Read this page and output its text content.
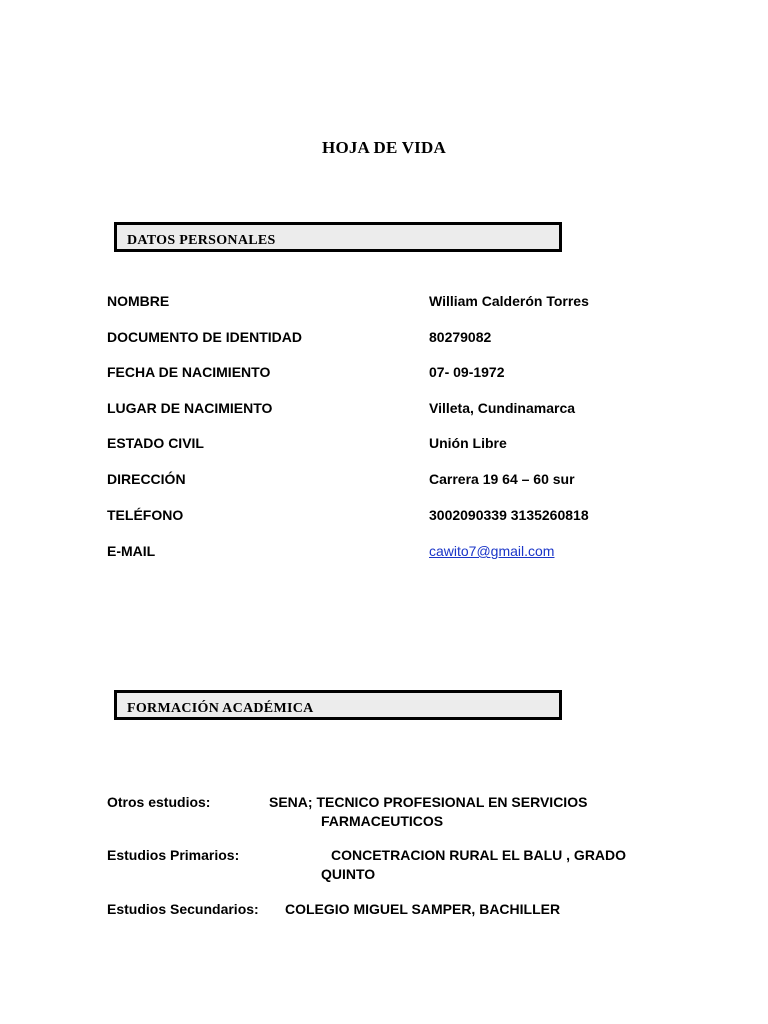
HOJA DE VIDA
DATOS PERSONALES
NOMBRE	William Calderón Torres
DOCUMENTO DE IDENTIDAD	80279082
FECHA DE NACIMIENTO	07- 09-1972
LUGAR DE NACIMIENTO	Villeta, Cundinamarca
ESTADO CIVIL	Unión Libre
DIRECCIÓN	Carrera 19 64 – 60 sur
TELÉFONO	3002090339 3135260818
E-MAIL	cawito7@gmail.com
FORMACIÓN ACADÉMICA
Otros estudios:	SENA; TECNICO PROFESIONAL EN SERVICIOS
FARMACEUTICOS
Estudios Primarios:	CONCETRACION RURAL EL BALU , GRADO
QUINTO
Estudios Secundarios: COLEGIO MIGUEL SAMPER, BACHILLER
